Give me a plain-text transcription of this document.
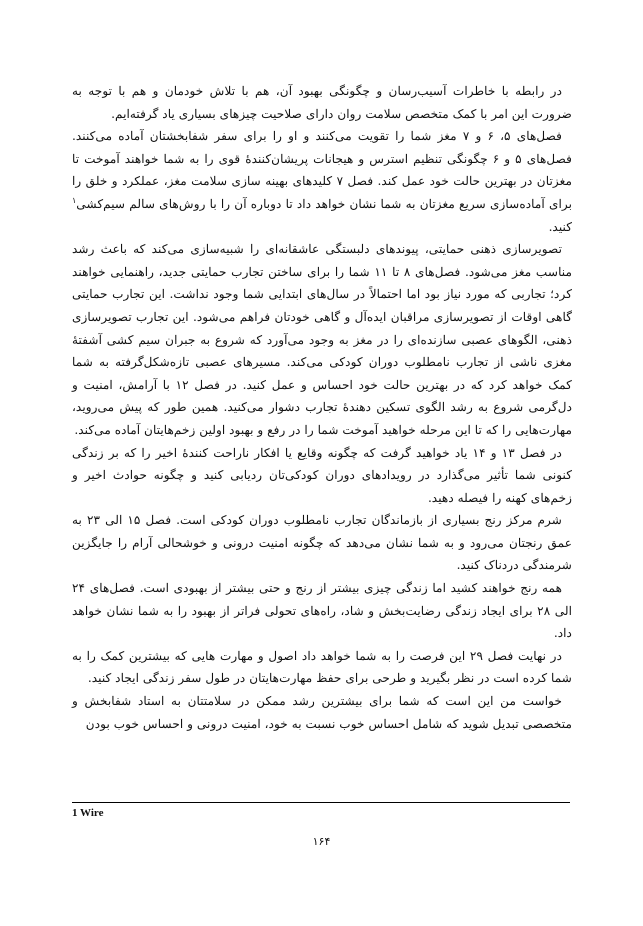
در رابطه با خاطرات آسیب‌رسان و چگونگی بهبود آن، هم با تلاش خودمان و هم با توجه به ضرورت این امر با کمک متخصص سلامت روان دارای صلاحیت چیزهای بسیاری یاد گرفته‌ایم.

فصل‌های ۵، ۶ و ۷ مغز شما را تقویت می‌کنند و او را برای سفر شفابخشتان آماده می‌کنند. فصل‌های ۵ و ۶ چگونگی تنظیم استرس و هیجانات پریشان‌کنندهٔ قوی را به شما خواهند آموخت تا مغزتان در بهترین حالت خود عمل کند. فصل ۷ کلیدهای بهینه سازی سلامت مغز، عملکرد و خلق را برای آماده‌سازی سریع مغزتان به شما نشان خواهد داد تا دوباره آن را با روش‌های سالم سیم‌کشی$^۱$ کنید.

تصویرسازی ذهنی حمایتی، پیوندهای دلبستگی عاشقانه‌ای را شبیه‌سازی می‌کند که باعث رشد مناسب مغز می‌شود. فصل‌های ۸ تا ۱۱ شما را برای ساختن تجارب حمایتی جدید، راهنمایی خواهند کرد؛ تجاربی که مورد نیاز بود اما احتمالاً در سال‌های ابتدایی شما وجود نداشت. این تجارب حمایتی گاهی اوقات از تصویرسازی مراقبان ایده‌آل و گاهی خودتان فراهم می‌شود. این تجارب تصویرسازی ذهنی، الگوهای عصبی سازنده‌ای را در مغز به وجود می‌آورد که شروع به جبران سیم کشی آشفتهٔ مغزی ناشی از تجارب نامطلوب دوران کودکی می‌کند. مسیرهای عصبی تازه‌شکل‌گرفته به شما کمک خواهد کرد که در بهترین حالت خود احساس و عمل کنید. در فصل ۱۲ با آرامش، امنیت و دل‌گرمی شروع به رشد الگوی تسکین دهندهٔ تجارب دشوار می‌کنید. همین طور که پیش می‌روید، مهارت‌هایی را که تا این مرحله خواهید آموخت شما را در رفع و بهبود اولین زخم‌هایتان آماده می‌کند.

در فصل ۱۳ و ۱۴ یاد خواهید گرفت که چگونه وقایع یا افکار ناراحت کنندهٔ اخیر را که بر زندگی کنونی شما تأثیر می‌گذارد در رویدادهای دوران کودکی‌تان ردیابی کنید و چگونه حوادث اخیر و زخم‌های کهنه را فیصله دهید.

شرم مرکز رنج بسیاری از بازماندگان تجارب نامطلوب دوران کودکی است. فصل ۱۵ الی ۲۳ به عمق رنجتان می‌رود و به شما نشان می‌دهد که چگونه امنیت درونی و خوشحالی آرام را جایگزین شرمندگی دردناک کنید.

همه رنج خواهند کشید اما زندگی چیزی بیشتر از رنج و حتی بیشتر از بهبودی است. فصل‌های ۲۴ الی ۲۸ برای ایجاد زندگی رضایت‌بخش و شاد، راه‌های تحولی فراتر از بهبود را به شما نشان خواهد داد.

در نهایت فصل ۲۹ این فرصت را به شما خواهد داد اصول و مهارت هایی که بیشترین کمک را به شما کرده است در نظر بگیرید و طرحی برای حفظ مهارت‌هایتان در طول سفر زندگی ایجاد کنید.

خواست من این است که شما برای بیشترین رشد ممکن در سلامتتان به استاد شفابخش و متخصصی تبدیل شوید که شامل احساس خوب نسبت به خود، امنیت درونی و احساس خوب بودن

1 Wire
۱۶۴
